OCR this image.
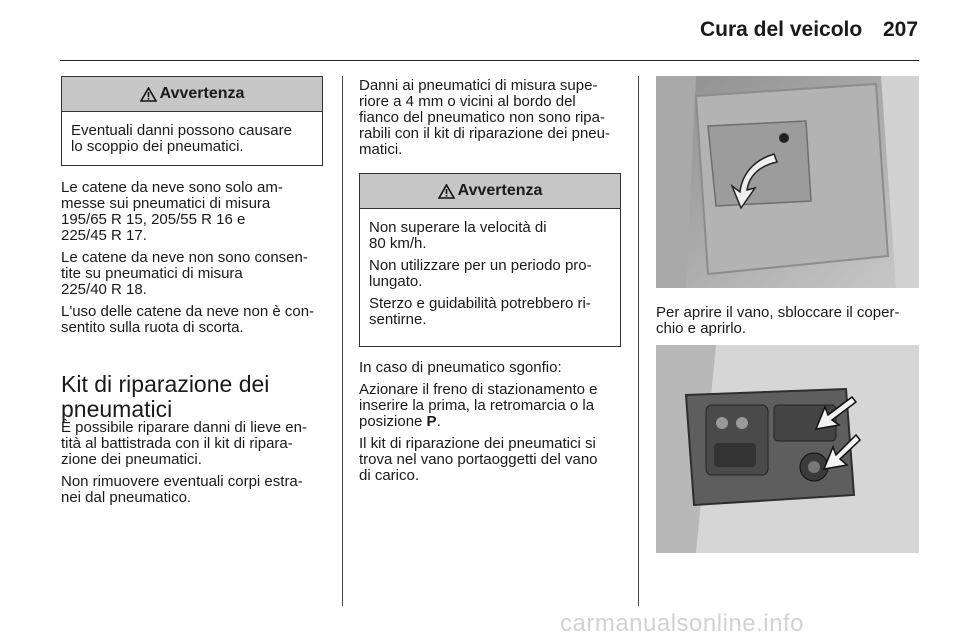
Cura del veicolo 207
Avvertenza

Eventuali danni possono causare
lo scoppio dei pneumatici.

Le catene da neve sono solo am-
messe sui pneumatici di misura
195/65 R 15, 205/55 R 16 e
225/45 R 17.

Le catene da neve non sono consen-
tite su pneumatici di misura
225/40 R 18.

L'uso delle catene da neve non è con-
sentito sulla ruota di scorta.

Kit di riparazione dei
pneumatici

È possibile riparare danni di lieve en-
tità al battistrada con il kit di ripara-
zione dei pneumatici.

Non rimuovere eventuali corpi estra-
nei dal pneumatico.

Danni ai pneumatici di misura supe-
riore a 4 mm o vicini al bordo del
fianco del pneumatico non sono ripa-
rabili con il kit di riparazione dei pneu-
matici.

Avvertenza

Non superare la velocità di
80 km/h.

Non utilizzare per un periodo pro-
lungato.

Sterzo e guidabilità potrebbero ri-
sentirne.

In caso di pneumatico sgonfio:

Azionare il freno di stazionamento e
inserire la prima, la retromarcia o la
posizione P.

Il kit di riparazione dei pneumatici si
trova nel vano portaoggetti del vano
di carico.

Per aprire il vano, sbloccare il coper-
chio e aprirlo.

carmanualsonline.info
